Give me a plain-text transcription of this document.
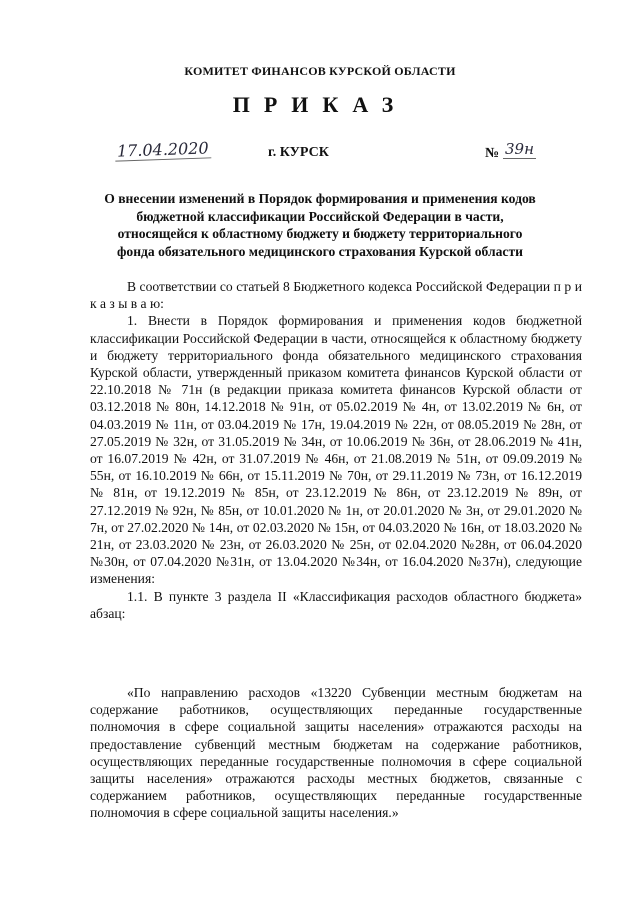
КОМИТЕТ ФИНАНСОВ КУРСКОЙ ОБЛАСТИ
ПРИКАЗ
17.04.2020	г. КУРСК	№ 39н
О внесении изменений в Порядок формирования и применения кодов
бюджетной классификации Российской Федерации в части,
относящейся к областному бюджету и бюджету территориального
фонда обязательного медицинского страхования Курской области

В соответствии со статьей 8 Бюджетного кодекса Российской Федерации п р и к а з ы в а ю:

1. Внести в Порядок формирования и применения кодов бюджетной классификации Российской Федерации в части, относящейся к областному бюджету и бюджету территориального фонда обязательного медицинского страхования Курской области, утвержденный приказом комитета финансов Курской области от 22.10.2018 № 71н (в редакции приказа комитета финансов Курской области от 03.12.2018 № 80н, 14.12.2018 № 91н, от 05.02.2019 № 4н, от 13.02.2019 № 6н, от 04.03.2019 № 11н, от 03.04.2019 № 17н, 19.04.2019 № 22н, от 08.05.2019 № 28н, от 27.05.2019 № 32н, от 31.05.2019 № 34н, от 10.06.2019 № 36н, от 28.06.2019 № 41н, от 16.07.2019 № 42н, от 31.07.2019 № 46н, от 21.08.2019 № 51н, от 09.09.2019 № 55н, от 16.10.2019 № 66н, от 15.11.2019 № 70н, от 29.11.2019 № 73н, от 16.12.2019 № 81н, от 19.12.2019 № 85н, от 23.12.2019 № 86н, от 23.12.2019 № 89н, от 27.12.2019 № 92н, № 85н, от 10.01.2020 № 1н, от 20.01.2020 № 3н, от 29.01.2020 № 7н, от 27.02.2020 № 14н, от 02.03.2020 № 15н, от 04.03.2020 № 16н, от 18.03.2020 № 21н, от 23.03.2020 № 23н, от 26.03.2020 № 25н, от 02.04.2020 №28н, от 06.04.2020 №30н, от 07.04.2020 №31н, от 13.04.2020 №34н, от 16.04.2020 №37н), следующие изменения:

1.1. В пункте 3 раздела II «Классификация расходов областного бюджета» абзац:

«По направлению расходов «13220 Субвенции местным бюджетам на содержание работников, осуществляющих переданные государственные полномочия в сфере социальной защиты населения» отражаются расходы на предоставление субвенций местным бюджетам на содержание работников, осуществляющих переданные государственные полномочия в сфере социальной защиты населения» отражаются расходы местных бюджетов, связанные с содержанием работников, осуществляющих переданные государственные полномочия в сфере социальной защиты населения.»
